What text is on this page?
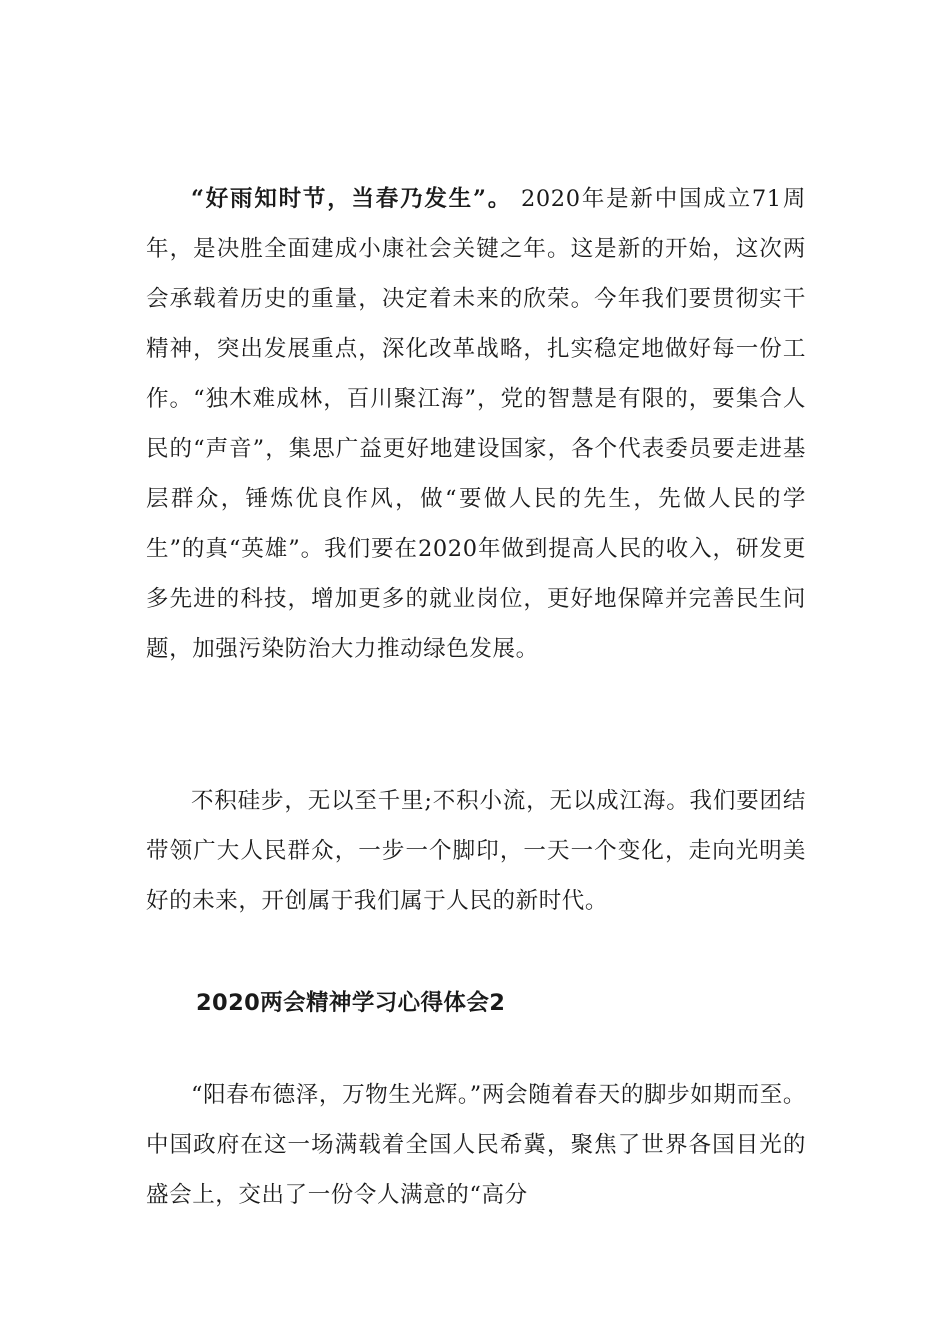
“好雨知时节，当春乃发生”。 2020年是新中国成立71周年，是决胜全面建成小康社会关键之年。这是新的开始，这次两会承载着历史的重量，决定着未来的欣荣。今年我们要贯彻实干精神，突出发展重点，深化改革战略，扎实稳定地做好每一份工作。“独木难成林，百川聚江海”，党的智慧是有限的，要集合人民的“声音”，集思广益更好地建设国家，各个代表委员要走进基层群众，锤炼优良作风，做“要做人民的先生，先做人民的学生”的真“英雄”。我们要在2020年做到提高人民的收入，研发更多先进的科技，增加更多的就业岗位，更好地保障并完善民生问题，加强污染防治大力推动绿色发展。

不积硅步，无以至千里;不积小流，无以成江海。我们要团结带领广大人民群众，一步一个脚印，一天一个变化，走向光明美好的未来，开创属于我们属于人民的新时代。

2020两会精神学习心得体会2

“阳春布德泽，万物生光辉。”两会随着春天的脚步如期而至。中国政府在这一场满载着全国人民希冀，聚焦了世界各国目光的盛会上，交出了一份令人满意的“高分
